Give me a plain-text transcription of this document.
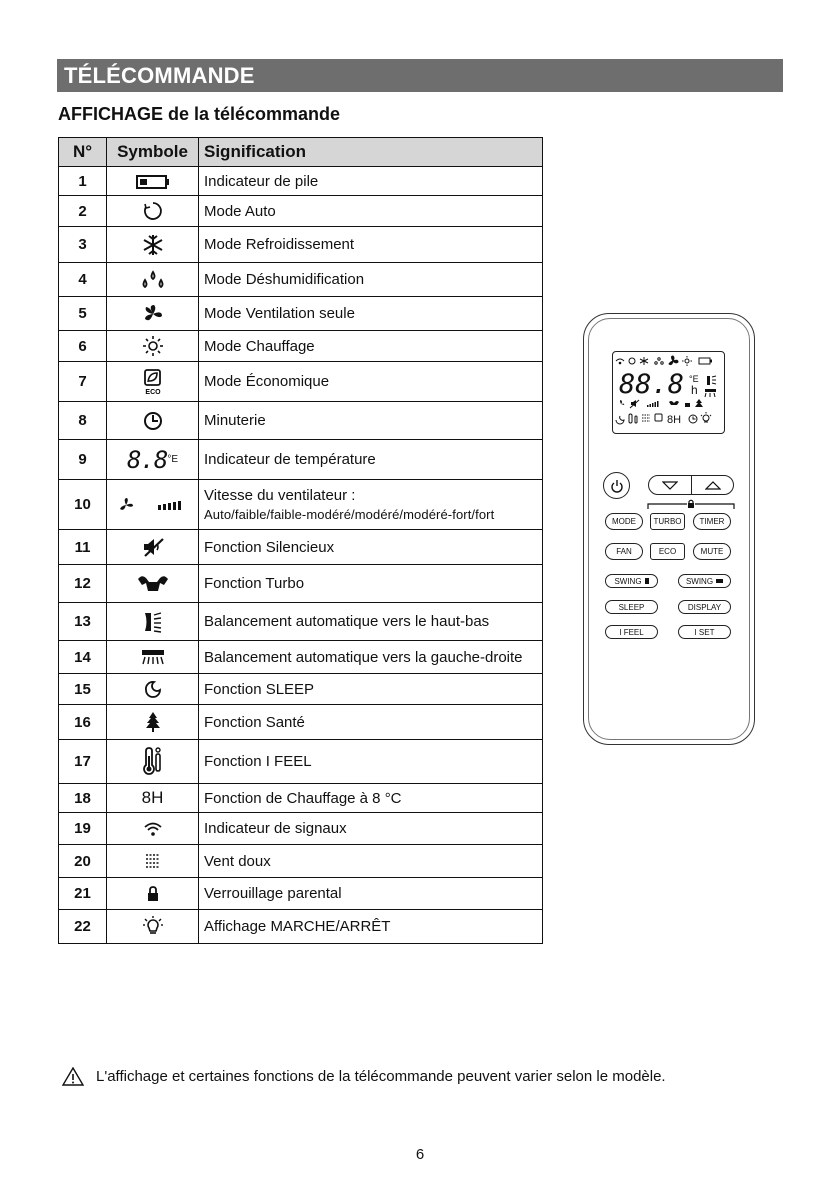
TÉLÉCOMMANDE
AFFICHAGE de la télécommande
N°	Symbole	Signification
1		Indicateur de pile
2		Mode Auto
3		Mode Refroidissement
4		Mode Déshumidification
5		Mode Ventilation seule
6		Mode Chauffage
7	ECO	Mode Économique
8		Minuterie
9	$8.8^{^\circ E}$	Indicateur de température
10		Vitesse du ventilateur :
Auto/faible/faible-modéré/modéré/modéré-fort/fort

11		Fonction Silencieux
12		Fonction Turbo
13		Balancement automatique vers le haut-bas
14		Balancement automatique vers la gauche-droite
15		Fonction SLEEP
16		Fonction Santé
17		Fonction I FEEL
18	8H	Fonction de Chauffage à 8 °C
19		Indicateur de signaux
20		Vent doux
21		Verrouillage parental
22		Affichage MARCHE/ARRÊT
88.8 °E
h
8H
MODE	TURBO	TIMER
FAN	ECO	MUTE
SWING	SWING
SLEEP	DISPLAY
I FEEL	I SET
L'affichage et certaines fonctions de la télécommande peuvent varier selon le modèle.
6
